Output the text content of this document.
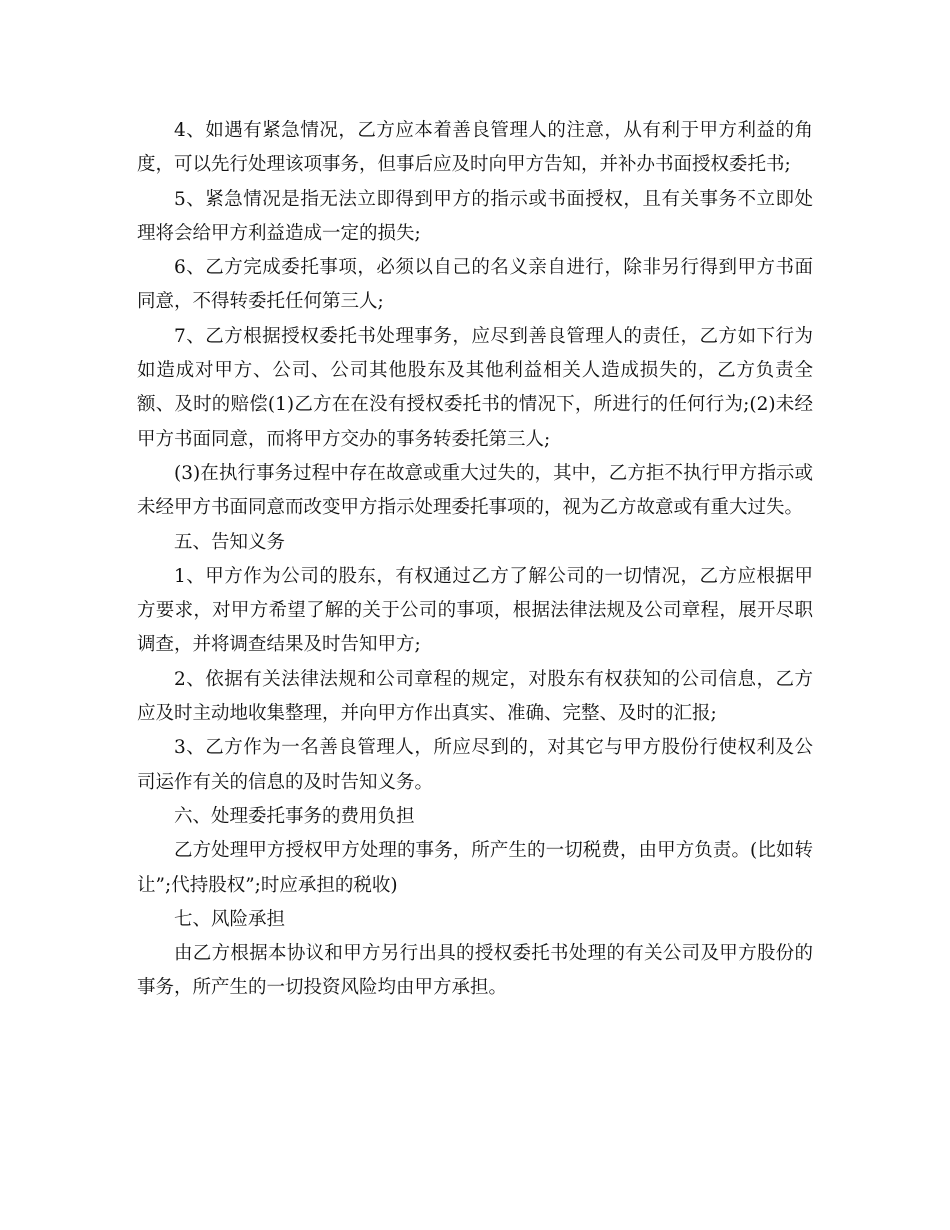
4、如遇有紧急情况，乙方应本着善良管理人的注意，从有利于甲方利益的角度，可以先行处理该项事务，但事后应及时向甲方告知，并补办书面授权委托书;

5、紧急情况是指无法立即得到甲方的指示或书面授权，且有关事务不立即处理将会给甲方利益造成一定的损失;

6、乙方完成委托事项，必须以自己的名义亲自进行，除非另行得到甲方书面同意，不得转委托任何第三人;

7、乙方根据授权委托书处理事务，应尽到善良管理人的责任，乙方如下行为如造成对甲方、公司、公司其他股东及其他利益相关人造成损失的，乙方负责全额、及时的赔偿(1)乙方在在没有授权委托书的情况下，所进行的任何行为;(2)未经甲方书面同意，而将甲方交办的事务转委托第三人;

(3)在执行事务过程中存在故意或重大过失的，其中，乙方拒不执行甲方指示或未经甲方书面同意而改变甲方指示处理委托事项的，视为乙方故意或有重大过失。

五、告知义务

1、甲方作为公司的股东，有权通过乙方了解公司的一切情况，乙方应根据甲方要求，对甲方希望了解的关于公司的事项，根据法律法规及公司章程，展开尽职调查，并将调查结果及时告知甲方;

2、依据有关法律法规和公司章程的规定，对股东有权获知的公司信息，乙方应及时主动地收集整理，并向甲方作出真实、准确、完整、及时的汇报;

3、乙方作为一名善良管理人，所应尽到的，对其它与甲方股份行使权利及公司运作有关的信息的及时告知义务。

六、处理委托事务的费用负担

乙方处理甲方授权甲方处理的事务，所产生的一切税费，由甲方负责。(比如转让”;代持股权”;时应承担的税收)

七、风险承担

由乙方根据本协议和甲方另行出具的授权委托书处理的有关公司及甲方股份的事务，所产生的一切投资风险均由甲方承担。
